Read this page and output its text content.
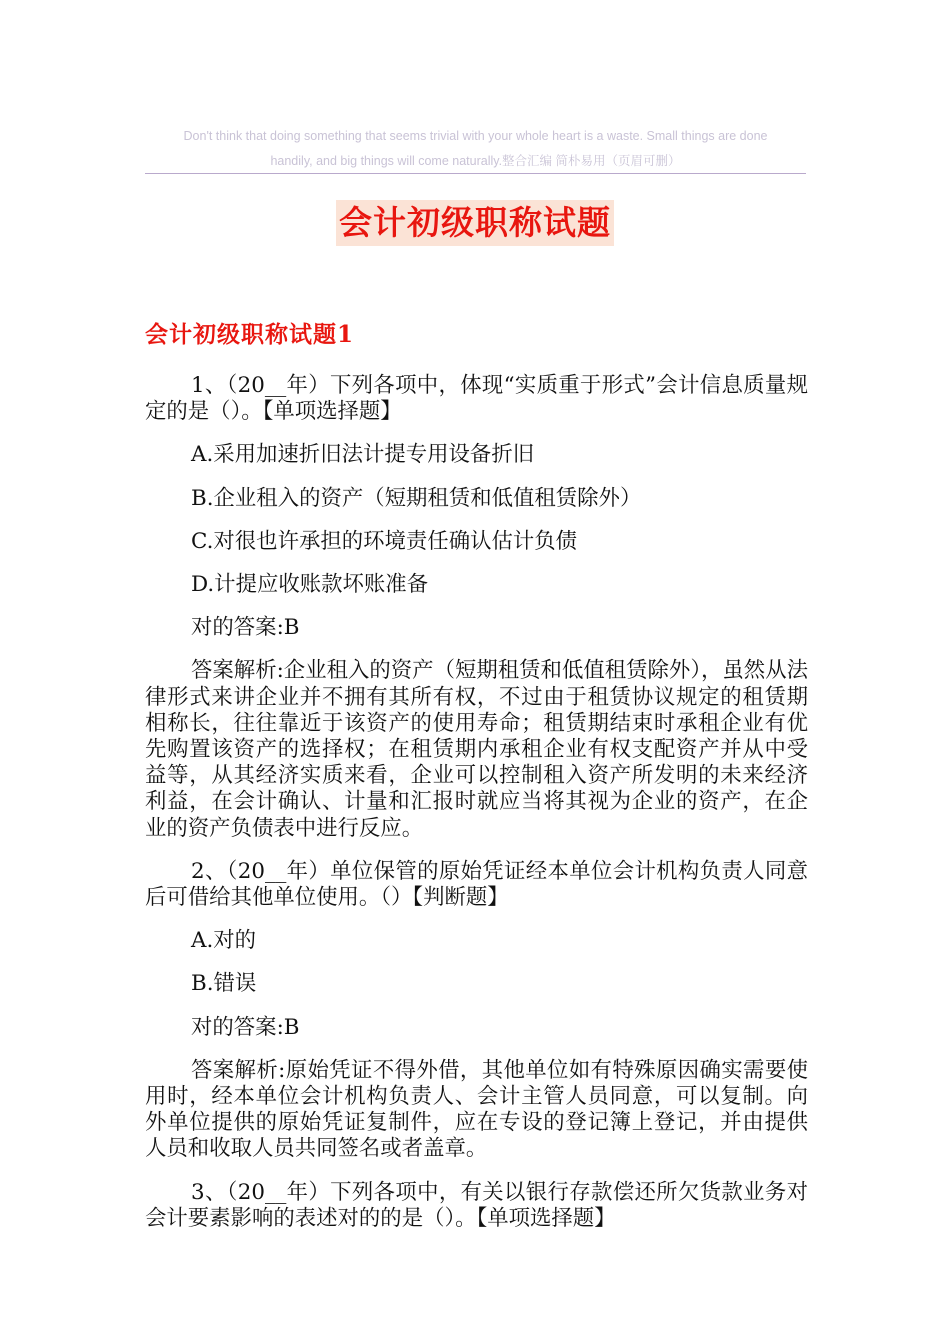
Don't think that doing something that seems trivial with your whole heart is a waste. Small things are done
handily, and big things will come naturally.整合汇编 简朴易用（页眉可删）
会计初级职称试题
会计初级职称试题1

1、（20__年）下列各项中，体现“实质重于形式”会计信息质量规定的是（）。【单项选择题】

A.采用加速折旧法计提专用设备折旧

B.企业租入的资产（短期租赁和低值租赁除外）

C.对很也许承担的环境责任确认估计负债

D.计提应收账款坏账准备

对的答案:B

答案解析:企业租入的资产（短期租赁和低值租赁除外），虽然从法律形式来讲企业并不拥有其所有权，不过由于租赁协议规定的租赁期相称长，往往靠近于该资产的使用寿命；租赁期结束时承租企业有优先购置该资产的选择权；在租赁期内承租企业有权支配资产并从中受益等，从其经济实质来看，企业可以控制租入资产所发明的未来经济利益，在会计确认、计量和汇报时就应当将其视为企业的资产，在企业的资产负债表中进行反应。

2、（20__年）单位保管的原始凭证经本单位会计机构负责人同意后可借给其他单位使用。（）【判断题】

A.对的

B.错误

对的答案:B

答案解析:原始凭证不得外借，其他单位如有特殊原因确实需要使用时，经本单位会计机构负责人、会计主管人员同意，可以复制。向外单位提供的原始凭证复制件，应在专设的登记簿上登记，并由提供人员和收取人员共同签名或者盖章。

3、（20__年）下列各项中，有关以银行存款偿还所欠货款业务对会计要素影响的表述对的的是（）。【单项选择题】
